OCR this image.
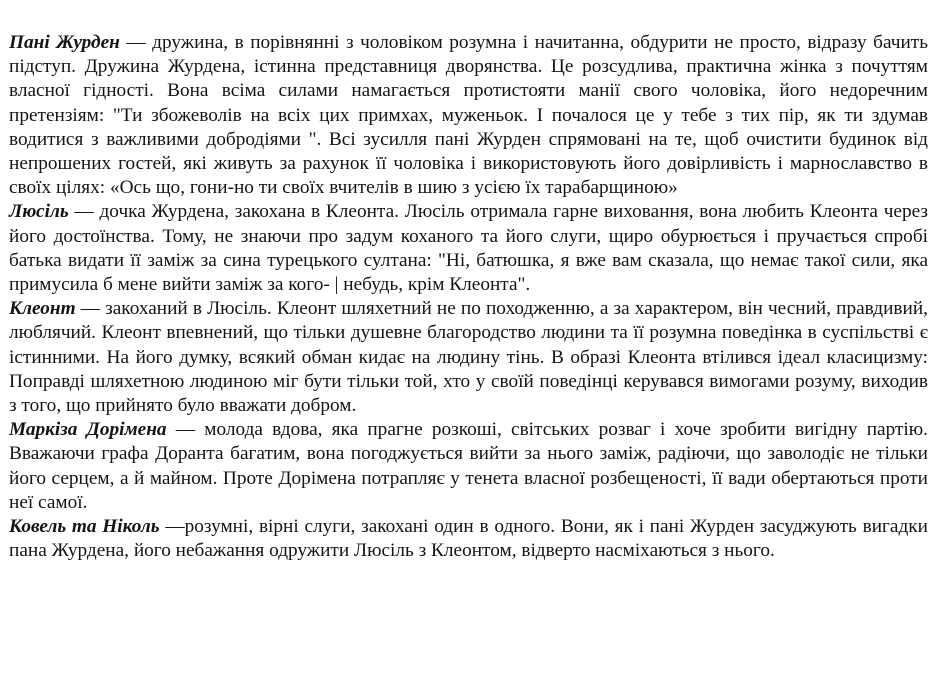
Пані Журден — дружина, в порівнянні з чоловіком розумна і начитанна, обдурити не просто, відразу бачить підступ. Дружина Журдена, істинна представниця дворянства. Це розсудлива, практична жінка з почуттям власної гідності. Вона всіма силами намагається протистояти манії свого чоловіка, його недоречним претензіям: "Ти збожеволів на всіх цих примхах, муженьок. І почалося це у тебе з тих пір, як ти здумав водитися з важливими добродіями ". Всі зусилля пані Журден спрямовані на те, щоб очистити будинок від непрошених гостей, які живуть за рахунок її чоловіка і використовують його довірливість і марнославство в своїх цілях: «Ось що, гони-но ти своїх вчителів в шию з усією їх тарабарщиною»

Люсіль — дочка Журдена, закохана в Клеонта. Люсіль отримала гарне виховання, вона любить Клеонта через його достоїнства. Тому, не знаючи про задум коханого та його слуги, щиро обурюється і пручається спробі батька видати її заміж за сина турецького султана: "Ні, батюшка, я вже вам сказала, що немає такої сили, яка примусила б мене вийти заміж за кого- | небудь, крім Клеонта".

Клеонт — закоханий в Люсіль. Клеонт шляхетний не по походженню, а за характером, він чесний, правдивий, люблячий. Клеонт впевнений, що тільки душевне благородство людини та її розумна поведінка в суспільстві є істинними. На його думку, всякий обман кидає на людину тінь. В образі Клеонта втілився ідеал класицизму: Поправді шляхетною людиною міг бути тільки той, хто у своїй поведінці керувався вимогами розуму, виходив з того, що прийнято було вважати добром.

Маркіза Дорімена — молода вдова, яка прагне розкоші, світських розваг і хоче зробити вигідну партію. Вважаючи графа Доранта багатим, вона погоджується вийти за нього заміж, радіючи, що заволодіє не тільки його серцем, а й майном. Проте Дорімена потрапляє у тенета власної розбещеності, її вади обертаються проти неї самої.

Ковель та Ніколь —розумні, вірні слуги, закохані один в одного. Вони, як і пані Журден засуджують вигадки пана Журдена, його небажання одружити Люсіль з Клеонтом, відверто насміхаються з нього.
